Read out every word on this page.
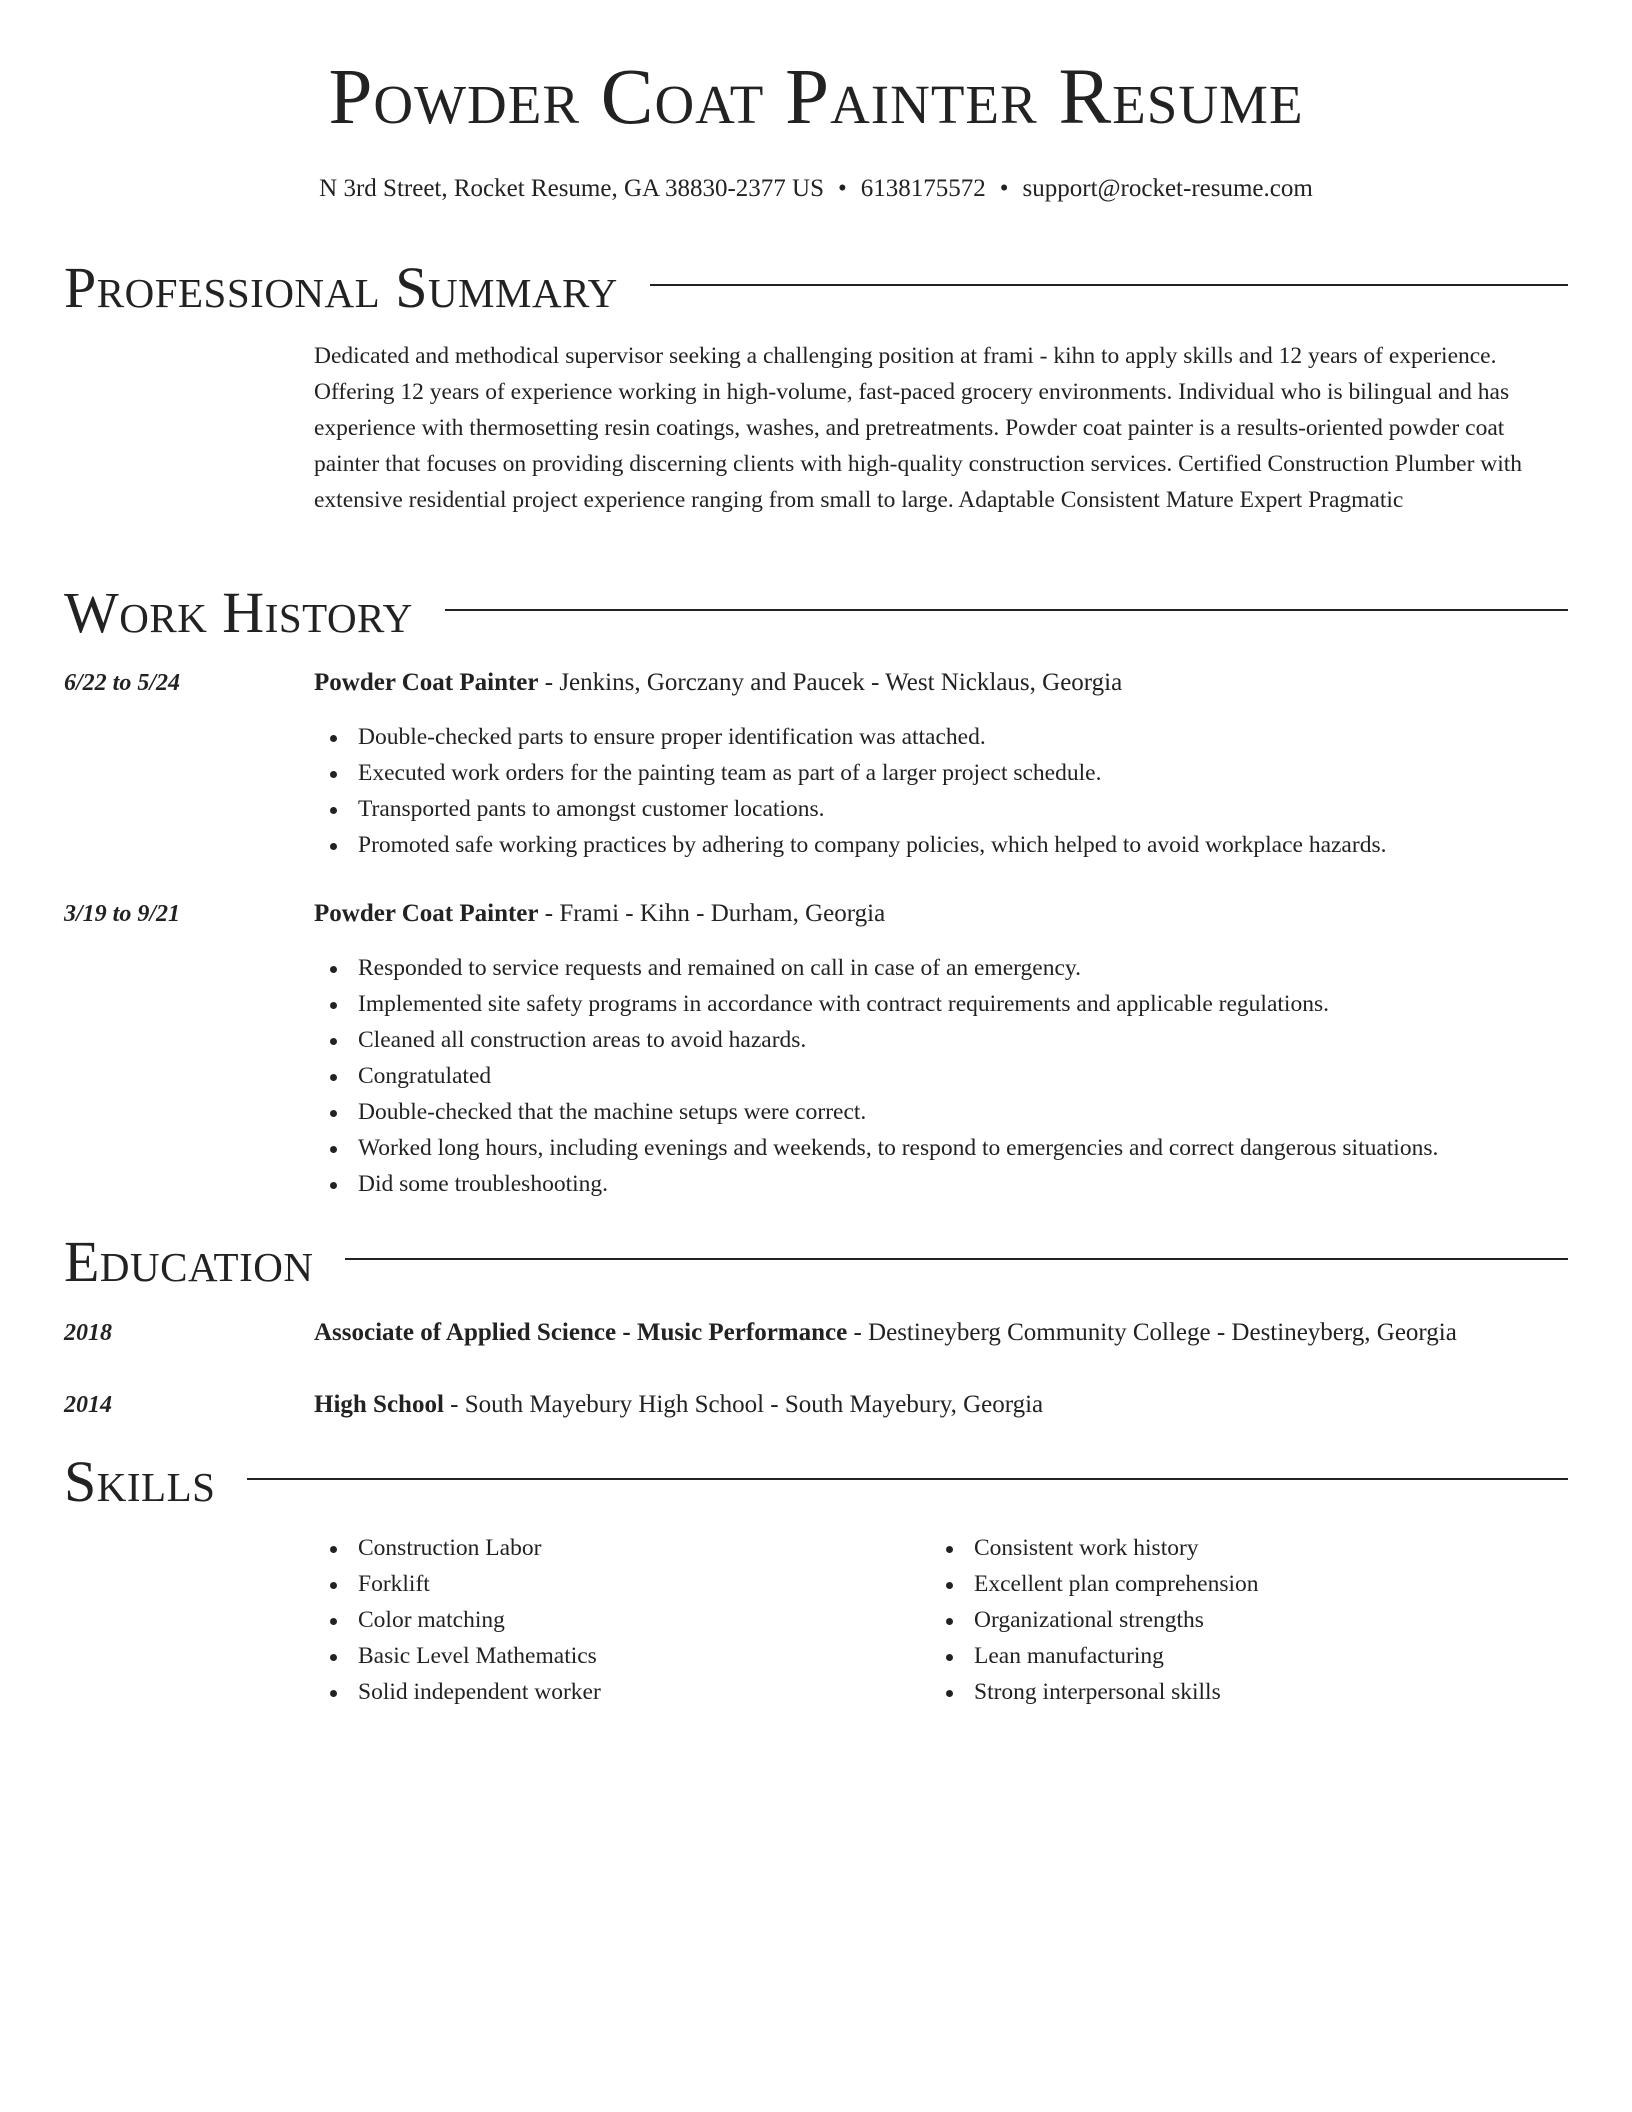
Powder Coat Painter Resume
N 3rd Street, Rocket Resume, GA 38830-2377 US • 6138175572 • support@rocket-resume.com
Professional Summary
Dedicated and methodical supervisor seeking a challenging position at frami - kihn to apply skills and 12 years of experience. Offering 12 years of experience working in high-volume, fast-paced grocery environments. Individual who is bilingual and has experience with thermosetting resin coatings, washes, and pretreatments. Powder coat painter is a results-oriented powder coat painter that focuses on providing discerning clients with high-quality construction services. Certified Construction Plumber with extensive residential project experience ranging from small to large. Adaptable Consistent Mature Expert Pragmatic
Work History
6/22 to 5/24	Powder Coat Painter - Jenkins, Gorczany and Paucek - West Nicklaus, Georgia
Double-checked parts to ensure proper identification was attached.
Executed work orders for the painting team as part of a larger project schedule.
Transported pants to amongst customer locations.
Promoted safe working practices by adhering to company policies, which helped to avoid workplace hazards.
3/19 to 9/21	Powder Coat Painter - Frami - Kihn - Durham, Georgia
Responded to service requests and remained on call in case of an emergency.
Implemented site safety programs in accordance with contract requirements and applicable regulations.
Cleaned all construction areas to avoid hazards.
Congratulated
Double-checked that the machine setups were correct.
Worked long hours, including evenings and weekends, to respond to emergencies and correct dangerous situations.
Did some troubleshooting.
Education
2018	Associate of Applied Science - Music Performance - Destineyberg Community College - Destineyberg, Georgia
2014	High School - South Mayebury High School - South Mayebury, Georgia
Skills
Construction Labor
Forklift
Color matching
Basic Level Mathematics
Solid independent worker
Consistent work history
Excellent plan comprehension
Organizational strengths
Lean manufacturing
Strong interpersonal skills
